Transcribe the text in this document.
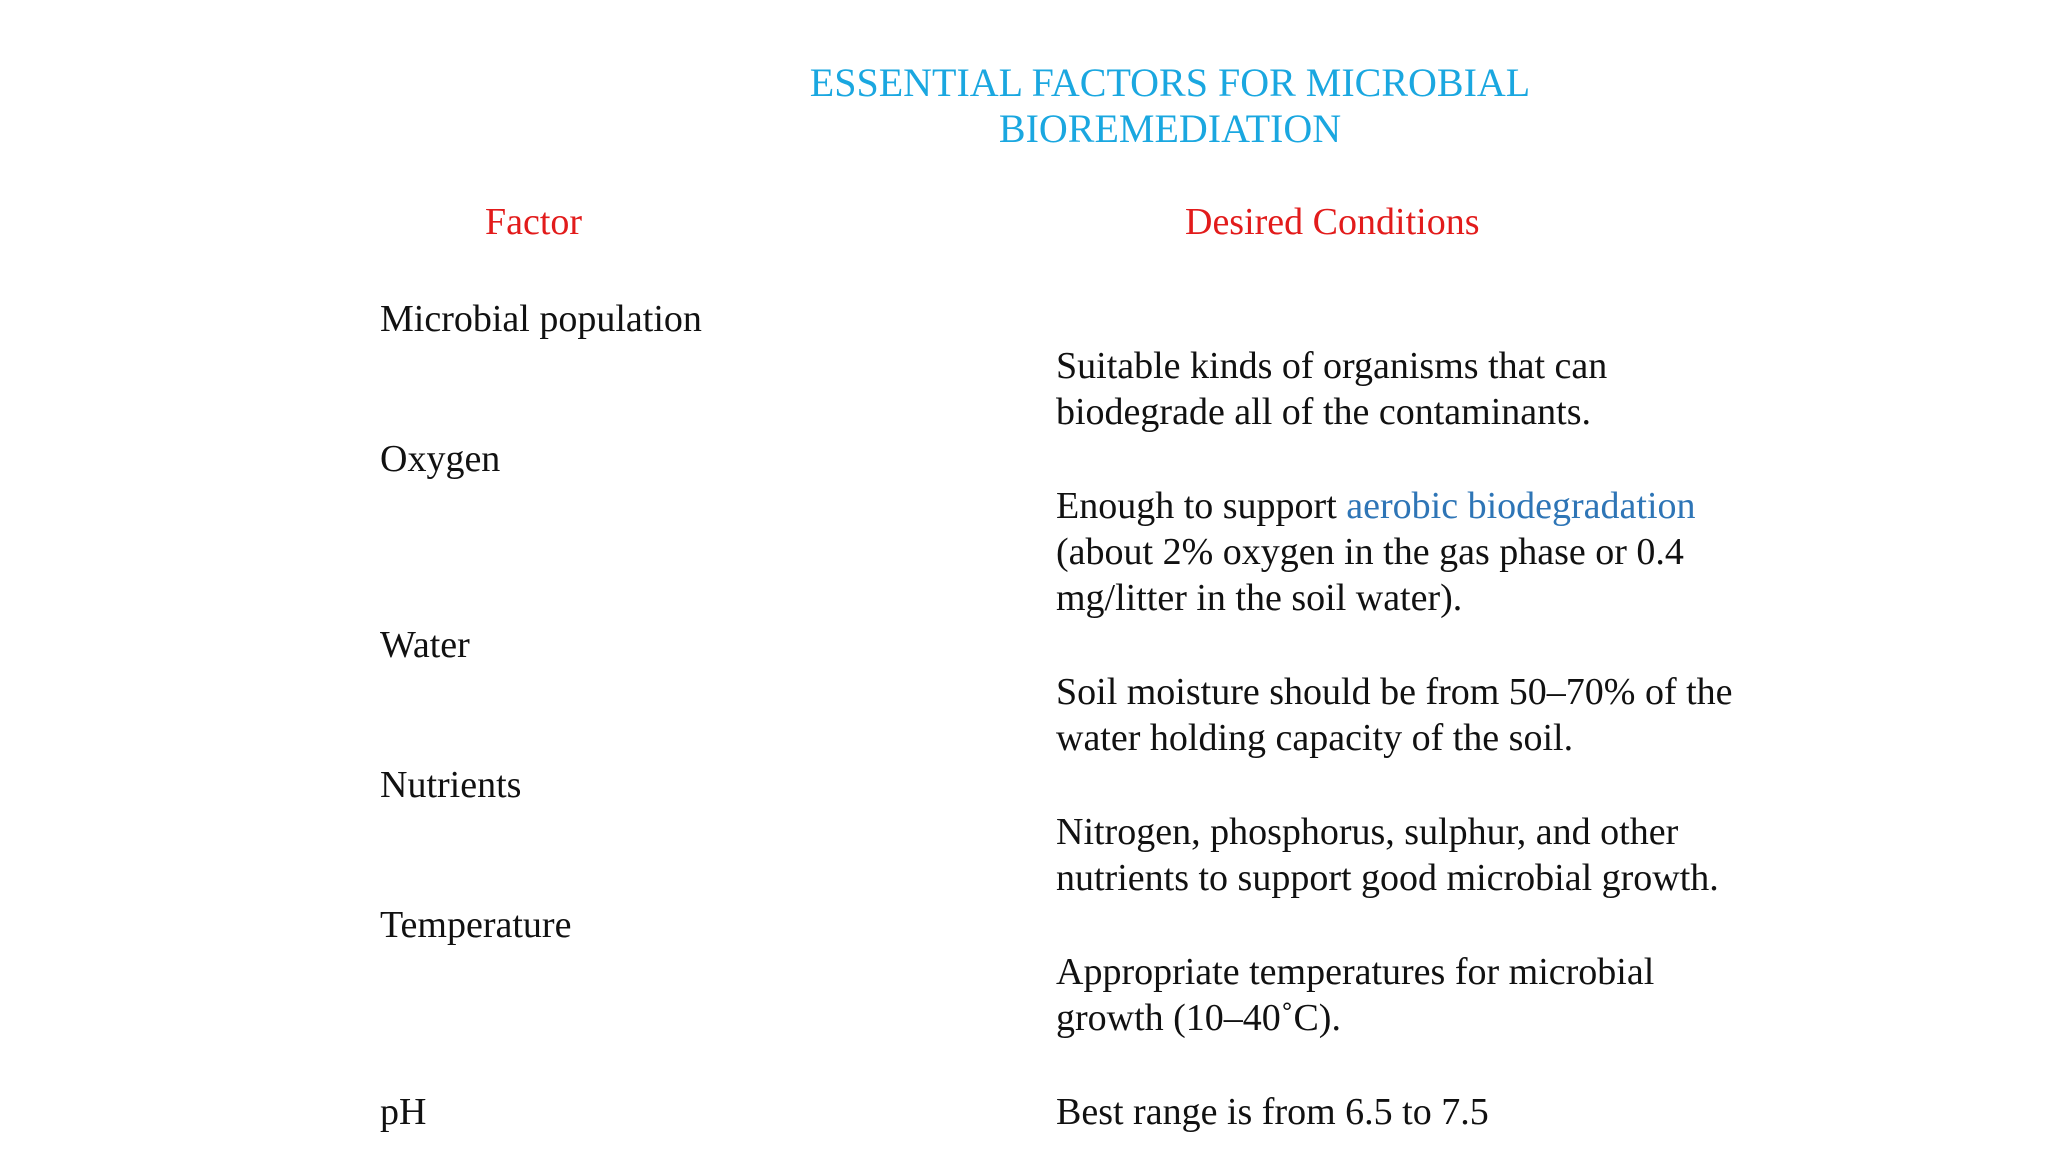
ESSENTIAL FACTORS FOR MICROBIAL
BIOREMEDIATION
Factor	Desired Conditions
Microbial population
Suitable kinds of organisms that can
biodegrade all of the contaminants.
Oxygen
Enough to support aerobic biodegradation
(about 2% oxygen in the gas phase or 0.4
mg/litter in the soil water).
Water
Soil moisture should be from 50–70% of the
water holding capacity of the soil.
Nutrients
Nitrogen, phosphorus, sulphur, and other
nutrients to support good microbial growth.
Temperature
Appropriate temperatures for microbial
growth (10–40˚C).
pH	Best range is from 6.5 to 7.5
